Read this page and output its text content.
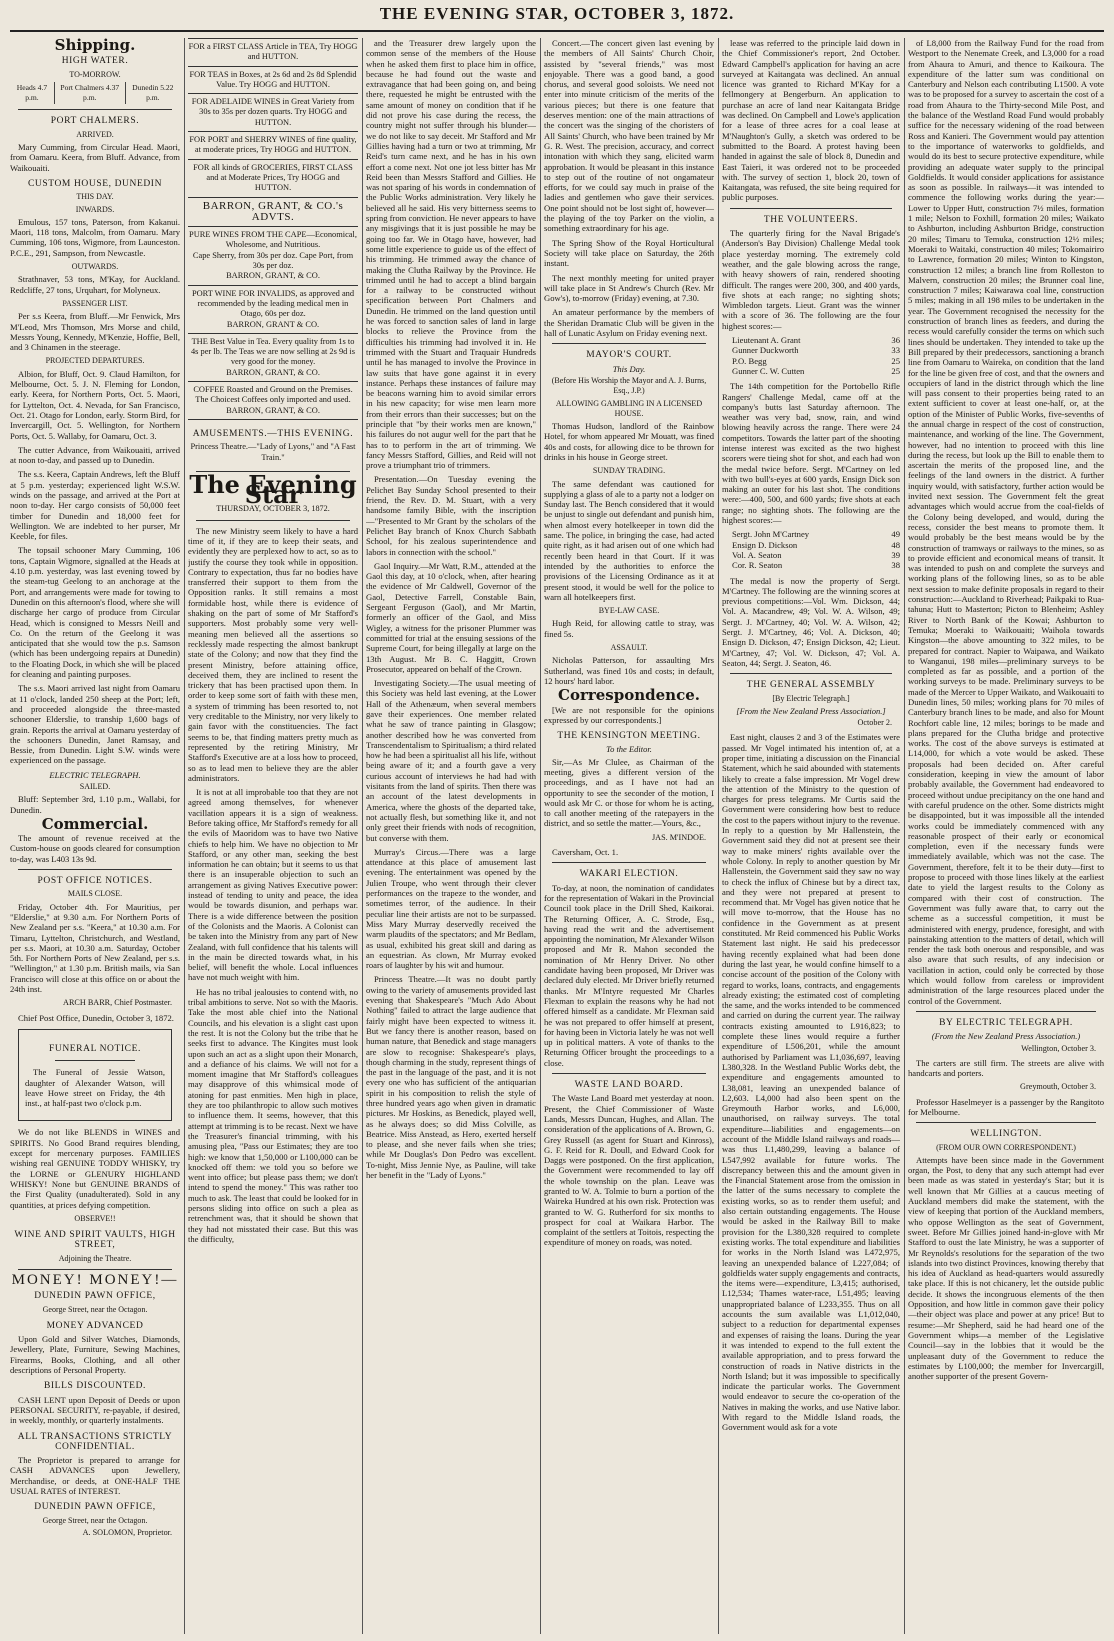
THE EVENING STAR, OCTOBER 3, 1872.
Shipping.
HIGH WATER.
TO-MORROW.
Heads 4.7 p.m.	Port Chalmers 4.37 p.m.	Dunedin 5.22 p.m.
PORT CHALMERS.
ARRIVED.

Mary Cumming, from Circular Head. Maori, from Oamaru. Keera, from Bluff. Advance, from Waikouaiti.

CUSTOM HOUSE, DUNEDIN
THIS DAY.
INWARDS.

Emulous, 157 tons, Paterson, from Kakanui. Maori, 118 tons, Malcolm, from Oamaru. Mary Cumming, 106 tons, Wigmore, from Launceston. P.C.E., 291, Sampson, from Newcastle.

OUTWARDS.

Strathnaver, 53 tons, M'Kay, for Auckland. Redcliffe, 27 tons, Urquhart, for Molyneux.

PASSENGER LIST.

Per s.s Keera, from Bluff.—Mr Fenwick, Mrs M'Leod, Mrs Thomson, Mrs Morse and child, Messrs Young, Kennedy, M'Kenzie, Hoffie, Bell, and 3 Chinamen in the steerage.

PROJECTED DEPARTURES.

Albion, for Bluff, Oct. 9. Claud Hamilton, for Melbourne, Oct. 5. J. N. Fleming for London, early. Keera, for Northern Ports, Oct. 5. Maori, for Lyttelton, Oct. 4. Nevada, for San Francisco, Oct. 21. Otago for London, early. Storm Bird, for Invercargill, Oct. 5. Wellington, for Northern Ports, Oct. 5. Wallaby, for Oamaru, Oct. 3.

The cutter Advance, from Waikouaiti, arrived at noon to-day, and passed up to Dunedin.

The s.s. Keera, Captain Andrews, left the Bluff at 5 p.m. yesterday; experienced light W.S.W. winds on the passage, and arrived at the Port at noon to-day. Her cargo consists of 50,000 feet timber for Dunedin and 18,000 feet for Wellington. We are indebted to her purser, Mr Keeble, for files.

The topsail schooner Mary Cumming, 106 tons, Captain Wigmore, signalled at the Heads at 4.10 p.m. yesterday, was last evening towed by the steam-tug Geelong to an anchorage at the Port, and arrangements were made for towing to Dunedin on this afternoon's flood, where she will discharge her cargo of produce from Circular Head, which is consigned to Messrs Neill and Co. On the return of the Geelong it was anticipated that she would tow the p.s. Samson (which has been undergoing repairs at Dunedin) to the Floating Dock, in which she will be placed for cleaning and painting purposes.

The s.s. Maori arrived last night from Oamaru at 11 o'clock, landed 250 sheep at the Port; left, and proceeded alongside the three-masted schooner Elderslie, to tranship 1,600 bags of grain. Reports the arrival at Oamaru yesterday of the schooners Dunedin, Janet Ramsay, and Bessie, from Dunedin. Light S.W. winds were experienced on the passage.

ELECTRIC TELEGRAPH.
SAILED.

Bluff: September 3rd, 1.10 p.m., Wallabi, for Dunedin.

Commercial.

The amount of revenue received at the Custom-house on goods cleared for consumption to-day, was L403 13s 9d.

POST OFFICE NOTICES.
MAILS CLOSE.

Friday, October 4th. For Mauritius, per "Elderslie," at 9.30 a.m. For Northern Ports of New Zealand per s.s. "Keera," at 10.30 a.m. For Timaru, Lyttelton, Christchurch, and Westland, per s.s. Maori, at 10.30 a.m. Saturday, October 5th. For Northern Ports of New Zealand, per s.s. "Wellington," at 1.30 p.m. British mails, via San Francisco will close at this office on or about the 24th inst.

ARCH BARR, Chief Postmaster.

Chief Post Office, Dunedin, October 3, 1872.

FUNERAL NOTICE.

The Funeral of Jessie Watson, daughter of Alexander Watson, will leave Howe street on Friday, the 4th inst., at half-past two o'clock p.m.

We do not like BLENDS in WINES and SPIRITS. No Good Brand requires blending, except for mercenary purposes. FAMILIES wishing real GENUINE TODDY WHISKY, try the LORNE or GLENURY HIGHLAND WHISKY! None but GENUINE BRANDS of the First Quality (unadulterated). Sold in any quantities, at prices defying competition.

OBSERVE!!
WINE AND SPIRIT VAULTS, HIGH STREET,
Adjoining the Theatre.
MONEY! MONEY!—
DUNEDIN PAWN OFFICE,
George Street, near the Octagon.
MONEY ADVANCED

Upon Gold and Silver Watches, Diamonds, Jewellery, Plate, Furniture, Sewing Machines, Firearms, Books, Clothing, and all other descriptions of Personal Property.

BILLS DISCOUNTED.

CASH LENT upon Deposit of Deeds or upon PERSONAL SECURITY, re-payable, if desired, in weekly, monthly, or quarterly instalments.

ALL TRANSACTIONS STRICTLY CONFIDENTIAL.

The Proprietor is prepared to arrange for CASH ADVANCES upon Jewellery, Merchandise, or deeds, at ONE-HALF THE USUAL RATES of INTEREST.

DUNEDIN PAWN OFFICE,
George Street, near the Octagon.
A. SOLOMON, Proprietor.
FOR a FIRST CLASS Article in TEA, Try HOGG and HUTTON.
FOR TEAS in Boxes, at 2s 6d and 2s 8d Splendid Value. Try HOGG and HUTTON.
FOR ADELAIDE WINES in Great Variety from 30s to 35s per dozen quarts. Try HOGG and HUTTON.
FOR PORT and SHERRY WINES of fine quality, at moderate prices, Try HOGG and HUTTON.
FOR all kinds of GROCERIES, FIRST CLASS and at Moderate Prices, Try HOGG and HUTTON.
BARRON, GRANT, & CO.'s ADVTS.
PURE WINES FROM THE CAPE—Economical, Wholesome, and Nutritious.
Cape Sherry, from 30s per doz. Cape Port, from 30s per doz.
BARRON, GRANT, & CO.
PORT WINE FOR INVALIDS, as approved and recommended by the leading medical men in Otago, 60s per doz.
BARRON, GRANT & CO.
THE Best Value in Tea. Every quality from 1s to 4s per lb. The Teas we are now selling at 2s 9d is very good for the money.
BARRON, GRANT, & CO.
COFFEE Roasted and Ground on the Premises. The Choicest Coffees only imported and used.
BARRON, GRANT, & CO.
AMUSEMENTS.—THIS EVENING.
Princess Theatre.—"Lady of Lyons," and "A Fast Train."
The Evening Star
THURSDAY, OCTOBER 3, 1872.

The new Ministry seem likely to have a hard time of it, if they are to keep their seats, and evidently they are perplexed how to act, so as to justify the course they took while in opposition. Contrary to expectation, thus far no bodies have transferred their support to them from the Opposition ranks. It still remains a most formidable host, while there is evidence of shaking on the part of some of Mr Stafford's supporters. Most probably some very well-meaning men believed all the assertions so recklessly made respecting the almost bankrupt state of the Colony; and now that they find the present Ministry, before attaining office, deceived them, they are inclined to resent the trickery that has been practised upon them. In order to keep some sort of faith with these men, a system of trimming has been resorted to, not very creditable to the Ministry, nor very likely to gain favor with the constituencies. The fact seems to be, that finding matters pretty much as represented by the retiring Ministry, Mr Stafford's Executive are at a loss how to proceed, so as to lead men to believe they are the abler administrators.

It is not at all improbable too that they are not agreed among themselves, for whenever vacillation appears it is a sign of weakness. Before taking office, Mr Stafford's remedy for all the evils of Maoridom was to have two Native chiefs to help him. We have no objection to Mr Stafford, or any other man, seeking the best information he can obtain; but it seems to us that there is an insuperable objection to such an arrangement as giving Natives Executive power: instead of tending to unity and peace, the idea would be towards disunion, and perhaps war. There is a wide difference between the position of the Colonists and the Maoris. A Colonist can be taken into the Ministry from any part of New Zealand, with full confidence that his talents will in the main be directed towards what, in his belief, will benefit the whole. Local influences have not much weight with him.

He has no tribal jealousies to contend with, no tribal ambitions to serve. Not so with the Maoris. Take the most able chief into the National Councils, and his elevation is a slight cast upon the rest. It is not the Colony but the tribe that he seeks first to advance. The Kingites must look upon such an act as a slight upon their Monarch, and a defiance of his claims. We will not for a moment imagine that Mr Stafford's colleagues may disapprove of this whimsical mode of atoning for past enmities. Men high in place, they are too philanthropic to allow such motives to influence them. It seems, however, that this attempt at trimming is to be recast. Next we have the Treasurer's financial trimming, with his amusing plea, "Pass our Estimates; they are too high: we know that 1,50,000 or L100,000 can be knocked off them: we told you so before we went into office; but please pass them; we don't intend to spend the money." This was rather too much to ask. The least that could be looked for in persons sliding into office on such a plea as retrenchment was, that it should be shown that they had not misstated their case. But this was the difficulty,

and the Treasurer drew largely upon the common sense of the members of the House when he asked them first to place him in office, because he had found out the waste and extravagance that had been going on, and being there, requested he might be entrusted with the same amount of money on condition that if he did not prove his case during the recess, the country might not suffer through his blunder—we do not like to say deceit. Mr Stafford and Mr Gillies having had a turn or two at trimming, Mr Reid's turn came next, and he has in his own effort a come next. Not one jot less bitter has Mr Reid been than Messrs Stafford and Gillies. He was not sparing of his words in condemnation of the Public Works administration. Very likely he believed all he said. His very bitterness seems to spring from conviction. He never appears to have any misgivings that it is just possible he may be going too far. We in Otago have, however, had some little experience to guide us of the effect of his trimming. He trimmed away the chance of making the Clutha Railway by the Province. He trimmed until he had to accept a blind bargain for a railway to be constructed without specification between Port Chalmers and Dunedin. He trimmed on the land question until he was forced to sanction sales of land in large blocks to relieve the Province from the difficulties his trimming had involved it in. He trimmed with the Stuart and Traquair Hundreds until he has managed to involve the Province in law suits that have gone against it in every instance. Perhaps these instances of failure may be beacons warning him to avoid similar errors in his new capacity; for wise men learn more from their errors than their successes; but on the principle that "by their works men are known," his failures do not augur well for the part that he has to to perform in the art of trimming. We fancy Messrs Stafford, Gillies, and Reid will not prove a triumphant trio of trimmers.

Presentation.—On Tuesday evening the Pelichet Bay Sunday School presented to their friend, the Rev. D. M. Stuart, with a very handsome family Bible, with the inscription—"Presented to Mr Grant by the scholars of the Pelichet Bay branch of Knox Church Sabbath School, for his zealous superintendence and labors in connection with the school."

Gaol Inquiry.—Mr Watt, R.M., attended at the Gaol this day, at 10 o'clock, when, after hearing the evidence of Mr Caldwell, Governor of the Gaol, Detective Farrell, Constable Bain, Sergeant Ferguson (Gaol), and Mr Martin, formerly an officer of the Gaol, and Miss Wigley, a witness for the prisoner Plummer was committed for trial at the ensuing sessions of the Supreme Court, for being illegally at large on the 13th August. Mr B. C. Haggitt, Crown Prosecutor, appeared on behalf of the Crown.

Investigating Society.—The usual meeting of this Society was held last evening, at the Lower Hall of the Athenæum, when several members gave their experiences. One member related what he saw of trance painting in Glasgow; another described how he was converted from Transcendentalism to Spiritualism; a third related how he had been a spiritualist all his life, without being aware of it; and a fourth gave a very curious account of interviews he had had with visitants from the land of spirits. Then there was an account of the latest developments in America, where the ghosts of the departed take, not actually flesh, but something like it, and not only greet their friends with nods of recognition, but converse with them.

Murray's Circus.—There was a large attendance at this place of amusement last evening. The entertainment was opened by the Julien Troupe, who went through their clever performances on the trapeze to the wonder, and sometimes terror, of the audience. In their peculiar line their artists are not to be surpassed. Miss Mary Murray deservedly received the warm plaudits of the spectators; and Mr Bedlam, as usual, exhibited his great skill and daring as an equestrian. As clown, Mr Murray evoked roars of laughter by his wit and humour.

Princess Theatre.—It was no doubt partly owing to the variety of amusements provided last evening that Shakespeare's "Much Ado About Nothing" failed to attract the large audience that fairly might have been expected to witness it. But we fancy there is another reason, based on human nature, that Benedick and stage managers are slow to recognise: Shakespeare's plays, though charming in the study, represent things of the past in the language of the past, and it is not every one who has sufficient of the antiquarian spirit in his composition to relish the style of three hundred years ago when given in dramatic pictures. Mr Hoskins, as Benedick, played well, as he always does; so did Miss Colville, as Beatrice. Miss Anstead, as Hero, exerted herself to please, and she never fails when she tries; while Mr Douglas's Don Pedro was excellent. To-night, Miss Jennie Nye, as Pauline, will take her benefit in the "Lady of Lyons."

Concert.—The concert given last evening by the members of All Saints' Church Choir, assisted by "several friends," was most enjoyable. There was a good band, a good chorus, and several good soloists. We need not enter into minute criticism of the merits of the various pieces; but there is one feature that deserves mention: one of the main attractions of the concert was the singing of the choristers of All Saints' Church, who have been trained by Mr G. R. West. The precision, accuracy, and correct intonation with which they sang, elicited warm approbation. It would be pleasant in this instance to step out of the routine of not ongamateur efforts, for we could say much in praise of the ladies and gentlemen who gave their services. One point should not be lost sight of, however—the playing of the toy Parker on the violin, a something extraordinary for his age.

The Spring Show of the Royal Horticultural Society will take place on Saturday, the 26th instant.

The next monthly meeting for united prayer will take place in St Andrew's Church (Rev. Mr Gow's), to-morrow (Friday) evening, at 7.30.

An amateur performance by the members of the Sheridan Dramatic Club will be given in the hall of Lunatic Asylum on Friday evening next.

MAYOR'S COURT.
This Day.
(Before His Worship the Mayor and A. J. Burns, Esq., J.P.)
ALLOWING GAMBLING IN A LICENSED HOUSE.

Thomas Hudson, landlord of the Rainbow Hotel, for whom appeared Mr Mouatt, was fined 40s and costs, for allowing dice to be thrown for drinks in his house in George street.

SUNDAY TRADING.

The same defendant was cautioned for supplying a glass of ale to a party not a lodger on Sunday last. The Bench considered that it would be unjust to single out defendant and punish him, when almost every hotelkeeper in town did the same. The police, in bringing the case, had acted quite right, as it had arisen out of one which had recently been heard in that Court. If it was intended by the authorities to enforce the provisions of the Licensing Ordinance as it at present stood, it would be well for the police to warn all hotelkeepers first.

BYE-LAW CASE.

Hugh Reid, for allowing cattle to stray, was fined 5s.

ASSAULT.

Nicholas Patterson, for assaulting Mrs Sutherland, was fined 10s and costs; in default, 12 hours' hard labor.

Correspondence.

[We are not responsible for the opinions expressed by our correspondents.]

THE KENSINGTON MEETING.
To the Editor.

Sir,—As Mr Clulee, as Chairman of the meeting, gives a different version of the proceedings, and as I have not had an opportunity to see the seconder of the motion, I would ask Mr C. or those for whom he is acting, to call another meeting of the ratepayers in the district, and so settle the matter.—Yours, &c.,

JAS. M'INDOE.

Caversham, Oct. 1.

WAKARI ELECTION.

To-day, at noon, the nomination of candidates for the representation of Wakari in the Provincial Council took place in the Drill Shed, Kaikorai. The Returning Officer, A. C. Strode, Esq., having read the writ and the advertisement appointing the nomination, Mr Alexander Wilson proposed and Mr R. Mahon seconded the nomination of Mr Henry Driver. No other candidate having been proposed, Mr Driver was declared duly elected. Mr Driver briefly returned thanks. Mr M'Intyre requested Mr Charles Flexman to explain the reasons why he had not offered himself as a candidate. Mr Flexman said he was not prepared to offer himself at present, for having been in Victoria lately he was not well up in political matters. A vote of thanks to the Returning Officer brought the proceedings to a close.

WASTE LAND BOARD.

The Waste Land Board met yesterday at noon. Present, the Chief Commissioner of Waste Lands, Messrs Duncan, Hughes, and Allan. The consideration of the applications of A. Brown, G. Grey Russell (as agent for Stuart and Kinross), G. F. Reid for R. Doull, and Edward Cook for Daggs were postponed. On the first application, the Government were recommended to lay off the whole township on the plan. Leave was granted to W. A. Tolmie to burn a portion of the Waireka Hundred at his own risk. Protection was granted to W. G. Rutherford for six months to prospect for coal at Waikara Harbor. The complaint of the settlers at Toitois, respecting the expenditure of money on roads, was noted.

lease was referred to the principle laid down in the Chief Commissioner's report, 2nd October. Edward Campbell's application for having an acre surveyed at Kaitangata was declined. An annual licence was granted to Richard M'Kay for a fellmongery at Bengerburn. An application to purchase an acre of land near Kaitangata Bridge was declined. On Campbell and Lowe's application for a lease of three acres for a coal lease at M'Naughton's Gully, a sketch was ordered to be submitted to the Board. A protest having been handed in against the sale of block 8, Dunedin and East Taieri, it was ordered not to be proceeded with. The survey of section 1, block 20, town of Kaitangata, was refused, the site being required for public purposes.

THE VOLUNTEERS.

The quarterly firing for the Naval Brigade's (Anderson's Bay Division) Challenge Medal took place yesterday morning. The extremely cold weather, and the gale blowing across the range, with heavy showers of rain, rendered shooting difficult. The ranges were 200, 300, and 400 yards, five shots at each range; no sighting shots; Wimbledon targets. Lieut. Grant was the winner with a score of 36. The following are the four highest scores:—

Lieutenant A. Grant	36
Gunner Duckworth	33
P.O. Begg	25
Gunner C. W. Cutten	25

The 14th competition for the Portobello Rifle Rangers' Challenge Medal, came off at the company's butts last Saturday afternoon. The weather was very bad, snow, rain, and wind blowing heavily across the range. There were 24 competitors. Towards the latter part of the shooting intense interest was excited as the two highest scorers were tieing shot for shot, and each had won the medal twice before. Sergt. M'Cartney on led with two bull's-eyes at 600 yards, Ensign Dick son making an outer for his last shot. The conditions were:—400, 500, and 600 yards; five shots at each range; no sighting shots. The following are the highest scores:—

Sergt. John M'Cartney	49
Ensign D. Dickson	48
Vol. A. Seaton	39
Cor. R. Seaton	38

The medal is now the property of Sergt. M'Cartney. The following are the winning scores at previous competitions:—Vol. Wm. Dickson, 44; Vol. A. Macandrew, 49; Vol. W. A. Wilson, 49; Sergt. J. M'Cartney, 40; Vol. W. A. Wilson, 42; Sergt. J. M'Cartney, 46; Vol. A. Dickson, 40; Ensign D. Dickson, 47; Ensign Dickson, 42; Lieut. M'Cartney, 47; Vol. W. Dickson, 47; Vol. A. Seaton, 44; Sergt. J. Seaton, 46.

THE GENERAL ASSEMBLY
[By Electric Telegraph.]
[From the New Zealand Press Association.]
October 2.

East night, clauses 2 and 3 of the Estimates were passed. Mr Vogel intimated his intention of, at a proper time, initiating a discussion on the Financial Statement, which he said abounded with statements likely to create a false impression. Mr Vogel drew the attention of the Ministry to the question of charges for press telegrams. Mr Curtis said the Government were considering how best to reduce the cost to the papers without injury to the revenue. In reply to a question by Mr Hallenstein, the Government said they did not at present see their way to make miners' rights available over the whole Colony. In reply to another question by Mr Hallenstein, the Government said they saw no way to check the influx of Chinese but by a direct tax, and they were not prepared at present to recommend that. Mr Vogel has given notice that he will move to-morrow, that the House has no confidence in the Government as at present constituted. Mr Reid commenced his Public Works Statement last night. He said his predecessor having recently explained what had been done during the last year, he would confine himself to a concise account of the position of the Colony with regard to works, loans, contracts, and engagements already existing; the estimated cost of completing the same, and the works intended to be commenced and carried on during the current year. The railway contracts existing amounted to L916,823; to complete these lines would require a further expenditure of L506,201, while the amount authorised by Parliament was L1,036,697, leaving L380,328. In the Westland Public Works debt, the expenditure and engagements amounted to L38,081, leaving an unexpended balance of L2,603. L4,000 had also been spent on the Greymouth Harbor works, and L6,000, unauthorised, on railway surveys. The total expenditure—liabilities and engagements—on account of the Middle Island railways and roads—was thus L1,480,299, leaving a balance of L547,992 available for future works. The discrepancy between this and the amount given in the Financial Statement arose from the omission in the latter of the sums necessary to complete the existing works, so as to render them useful; and also certain outstanding engagements. The House would be asked in the Railway Bill to make provision for the L380,328 required to complete existing works. The total expenditure and liabilities for works in the North Island was L472,975, leaving an unexpended balance of L227,084; of goldfields water supply engagements and contracts, the items were—expenditure, L3,415; authorised, L12,534; Thames water-race, L51,495; leaving unappropriated balance of L233,355. Thus on all accounts the sum available was L1,012,040, subject to a reduction for departmental expenses and expenses of raising the loans. During the year it was intended to expend to the full extent the available appropriation, and to press forward the construction of roads in Native districts in the North Island; but it was impossible to specifically indicate the particular works. The Government would endeavor to secure the co-operation of the Natives in making the works, and use Native labor. With regard to the Middle Island roads, the Government would ask for a vote

of L8,000 from the Railway Fund for the road from Westport to the Nenemate Creek, and L3,000 for a road from Ahaura to Amuri, and thence to Kaikoura. The expenditure of the latter sum was conditional on Canterbury and Nelson each contributing L1500. A vote was to be proposed for a survey to ascertain the cost of a road from Ahaura to the Thirty-second Mile Post, and the balance of the Westland Road Fund would probably suffice for the necessary widening of the road between Ross and Kanieri. The Government would pay attention to the importance of waterworks to goldfields, and would do its best to secure protective expenditure, while providing an adequate water supply to the principal Goldfields. It would consider applications for assistance as soon as possible. In railways—it was intended to commence the following works during the year:—Lower to Upper Hutt, construction 7½ miles, formation 1 mile; Nelson to Foxhill, formation 20 miles; Waikato to Ashburton, including Ashburton Bridge, construction 20 miles; Timaru to Temuka, construction 12½ miles; Moeraki to Waitaki, construction 40 miles; Tokomairiro to Lawrence, formation 20 miles; Winton to Kingston, construction 12 miles; a branch line from Rolleston to Malvern, construction 20 miles; the Brunner coal line, construction 7 miles; Kaiwarawa coal line, construction 5 miles; making in all 198 miles to be undertaken in the year. The Government recognised the necessity for the construction of branch lines as feeders, and during the recess would carefully consider the terms on which such lines should be undertaken. They intended to take up the Bill prepared by their predecessors, sanctioning a branch line from Oamaru to Waireka, on condition that the land for the line be given free of cost, and that the owners and occupiers of land in the district through which the line will pass consent to their properties being rated to an extent sufficient to cover at least one-half, or, at the option of the Minister of Public Works, five-sevenths of the annual charge in respect of the cost of construction, maintenance, and working of the line. The Government, however, had no intention to proceed with this line during the recess, but look up the Bill to enable them to ascertain the merits of the proposed line, and the feelings of the land owners in the district. A further inquiry would, with satisfactory, further action would be invited next session. The Government felt the great advantages which would accrue from the coal-fields of the Colony being developed, and would, during the recess, consider the best means to promote them. It would probably be the best means would be by the construction of tramways or railways to the mines, so as to provide efficient and economical means of transit. It was intended to push on and complete the surveys and working plans of the following lines, so as to be able next session to make definite proposals in regard to their construction:—Auckland to Riverhead; Paikpaki to Rua-tahuna; Hutt to Masterton; Picton to Blenheim; Ashley River to North Bank of the Kowai; Ashburton to Temuka; Moeraki to Waikouaiti; Waihola towards Kingston—the above amounting to 322 miles, to be prepared for contract. Napier to Waipawa, and Waikato to Wanganui, 198 miles—preliminary surveys to be completed as far as possible, and a portion of the working surveys to be made. Preliminary surveys to be made of the Mercer to Upper Waikato, and Waikouaiti to Dunedin lines, 50 miles; working plans for 70 miles of Canterbury branch lines to be made, and also for Mount Rochfort cable line, 12 miles; borings to be made and plans prepared for the Clutha bridge and protective works. The cost of the above surveys is estimated at L14,000, for which a vote would be asked. These proposals had been decided on. After careful consideration, keeping in view the amount of labor probably available, the Government had endeavored to proceed without undue precipitancy on the one hand and with careful prudence on the other. Some districts might be disappointed, but it was impossible all the intended works could be immediately commenced with any reasonable prospect of their early or economical completion, even if the necessary funds were immediately available, which was not the case. The Government, therefore, felt it to be their duty—first to propose to proceed with those lines likely at the earliest date to yield the largest results to the Colony as compared with their cost of construction. The Government was fully aware that, to carry out the scheme as a successful competition, it must be administered with energy, prudence, foresight, and with painstaking attention to the matters of detail, which will render the task both onerous and responsible, and was also aware that such results, of any indecision or vacillation in action, could only be corrected by those which would follow from careless or improvident administration of the large resources placed under the control of the Government.

BY ELECTRIC TELEGRAPH.
(From the New Zealand Press Association.)
Wellington, October 3.

The carters are still firm. The streets are alive with handcarts and porters.

Greymouth, October 3.

Professor Haselmeyer is a passenger by the Rangitoto for Melbourne.

WELLINGTON.
(FROM OUR OWN CORRESPONDENT.)

Attempts have been since made in the Government organ, the Post, to deny that any such attempt had ever been made as was stated in yesterday's Star; but it is well known that Mr Gillies at a caucus meeting of Auckland members did make the statement, with the view of keeping that portion of the Auckland members, who oppose Wellington as the seat of Government, sweet. Before Mr Gillies joined hand-in-glove with Mr Stafford to oust the late Ministry, he was a supporter of Mr Reynolds's resolutions for the separation of the two islands into two distinct Provinces, knowing thereby that his idea of Auckland as head-quarters would assuredly take place. If this is not chicanery, let the outside public decide. It shows the incongruous elements of the then Opposition, and how little in common gave their policy—their object was place and power at any price! But to resume:—Mr Shepherd, said he had heard one of the Government whips—a member of the Legislative Council—say in the lobbies that it would be the unpleasant duty of the Government to reduce the estimates by L100,000; the member for Invercargill, another supporter of the present Govern-
